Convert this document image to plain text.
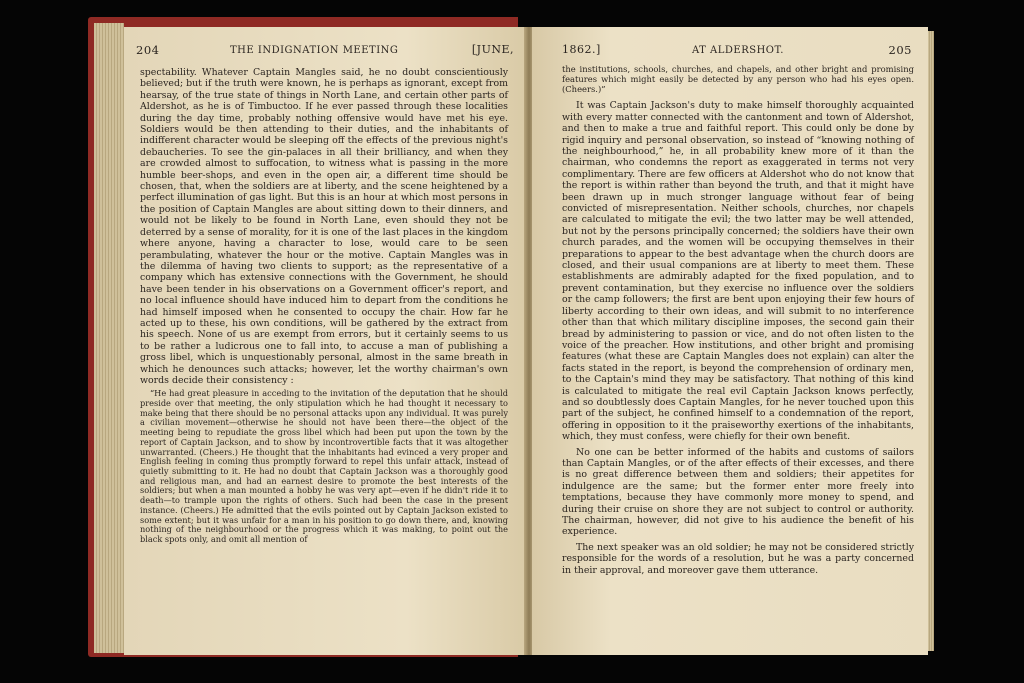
204	THE INDIGNATION MEETING	[JUNE,

spectability. Whatever Captain Mangles said, he no doubt conscientiously believed; but if the truth were known, he is perhaps as ignorant, except from hearsay, of the true state of things in North Lane, and certain other parts of Aldershot, as he is of Timbuctoo. If he ever passed through these localities during the day time, probably nothing offensive would have met his eye. Soldiers would be then attending to their duties, and the inhabitants of indifferent character would be sleeping off the effects of the previous night's debaucheries. To see the gin-palaces in all their brilliancy, and when they are crowded almost to suffocation, to witness what is passing in the more humble beer-shops, and even in the open air, a different time should be chosen, that, when the soldiers are at liberty, and the scene heightened by a perfect illumination of gas light. But this is an hour at which most persons in the position of Captain Mangles are about sitting down to their dinners, and would not be likely to be found in North Lane, even should they not be deterred by a sense of morality, for it is one of the last places in the kingdom where anyone, having a character to lose, would care to be seen perambulating, whatever the hour or the motive. Captain Mangles was in the dilemma of having two clients to support; as the representative of a company which has extensive connections with the Government, he should have been tender in his observations on a Government officer's report, and no local influence should have induced him to depart from the conditions he had himself imposed when he consented to occupy the chair. How far he acted up to these, his own conditions, will be gathered by the extract from his speech. None of us are exempt from errors, but it certainly seems to us to be rather a ludicrous one to fall into, to accuse a man of publishing a gross libel, which is unquestionably personal, almost in the same breath in which he denounces such attacks; however, let the worthy chairman's own words decide their consistency :

“He had great pleasure in acceding to the invitation of the deputation that he should preside over that meeting, the only stipulation which he had thought it necessary to make being that there should be no personal attacks upon any individual. It was purely a civilian movement—otherwise he should not have been there—the object of the meeting being to repudiate the gross libel which had been put upon the town by the report of Captain Jackson, and to show by incontrovertible facts that it was altogether unwarranted. (Cheers.) He thought that the inhabitants had evinced a very proper and English feeling in coming thus promptly forward to repel this unfair attack, instead of quietly submitting to it. He had no doubt that Captain Jackson was a thoroughly good and religious man, and had an earnest desire to promote the best interests of the soldiers; but when a man mounted a hobby he was very apt—even if he didn't ride it to death—to trample upon the rights of others. Such had been the case in the present instance. (Cheers.) He admitted that the evils pointed out by Captain Jackson existed to some extent; but it was unfair for a man in his position to go down there, and, knowing nothing of the neighbourhood or the progress which it was making, to point out the black spots only, and omit all mention of

1862.]	AT ALDERSHOT.	205

the institutions, schools, churches, and chapels, and other bright and promising features which might easily be detected by any person who had his eyes open. (Cheers.)”

It was Captain Jackson's duty to make himself thoroughly acquainted with every matter connected with the cantonment and town of Aldershot, and then to make a true and faithful report. This could only be done by rigid inquiry and personal observation, so instead of “knowing nothing of the neighbourhood,” he, in all probability knew more of it than the chairman, who condemns the report as exaggerated in terms not very complimentary. There are few officers at Aldershot who do not know that the report is within rather than beyond the truth, and that it might have been drawn up in much stronger language without fear of being convicted of misrepresentation. Neither schools, churches, nor chapels are calculated to mitigate the evil; the two latter may be well attended, but not by the persons principally concerned; the soldiers have their own church parades, and the women will be occupying themselves in their preparations to appear to the best advantage when the church doors are closed, and their usual companions are at liberty to meet them. These establishments are admirably adapted for the fixed population, and to prevent contamination, but they exercise no influence over the soldiers or the camp followers; the first are bent upon enjoying their few hours of liberty according to their own ideas, and will submit to no interference other than that which military discipline imposes, the second gain their bread by administering to passion or vice, and do not often listen to the voice of the preacher. How institutions, and other bright and promising features (what these are Captain Mangles does not explain) can alter the facts stated in the report, is beyond the comprehension of ordinary men, to the Captain's mind they may be satisfactory. That nothing of this kind is calculated to mitigate the real evil Captain Jackson knows perfectly, and so doubtlessly does Captain Mangles, for he never touched upon this part of the subject, he confined himself to a condemnation of the report, offering in opposition to it the praiseworthy exertions of the inhabitants, which, they must confess, were chiefly for their own benefit.

No one can be better informed of the habits and customs of sailors than Captain Mangles, or of the after effects of their excesses, and there is no great difference between them and soldiers; their appetites for indulgence are the same; but the former enter more freely into temptations, because they have commonly more money to spend, and during their cruise on shore they are not subject to control or authority. The chairman, however, did not give to his audience the benefit of his experience.

The next speaker was an old soldier; he may not be considered strictly responsible for the words of a resolution, but he was a party concerned in their approval, and moreover gave them utterance.
